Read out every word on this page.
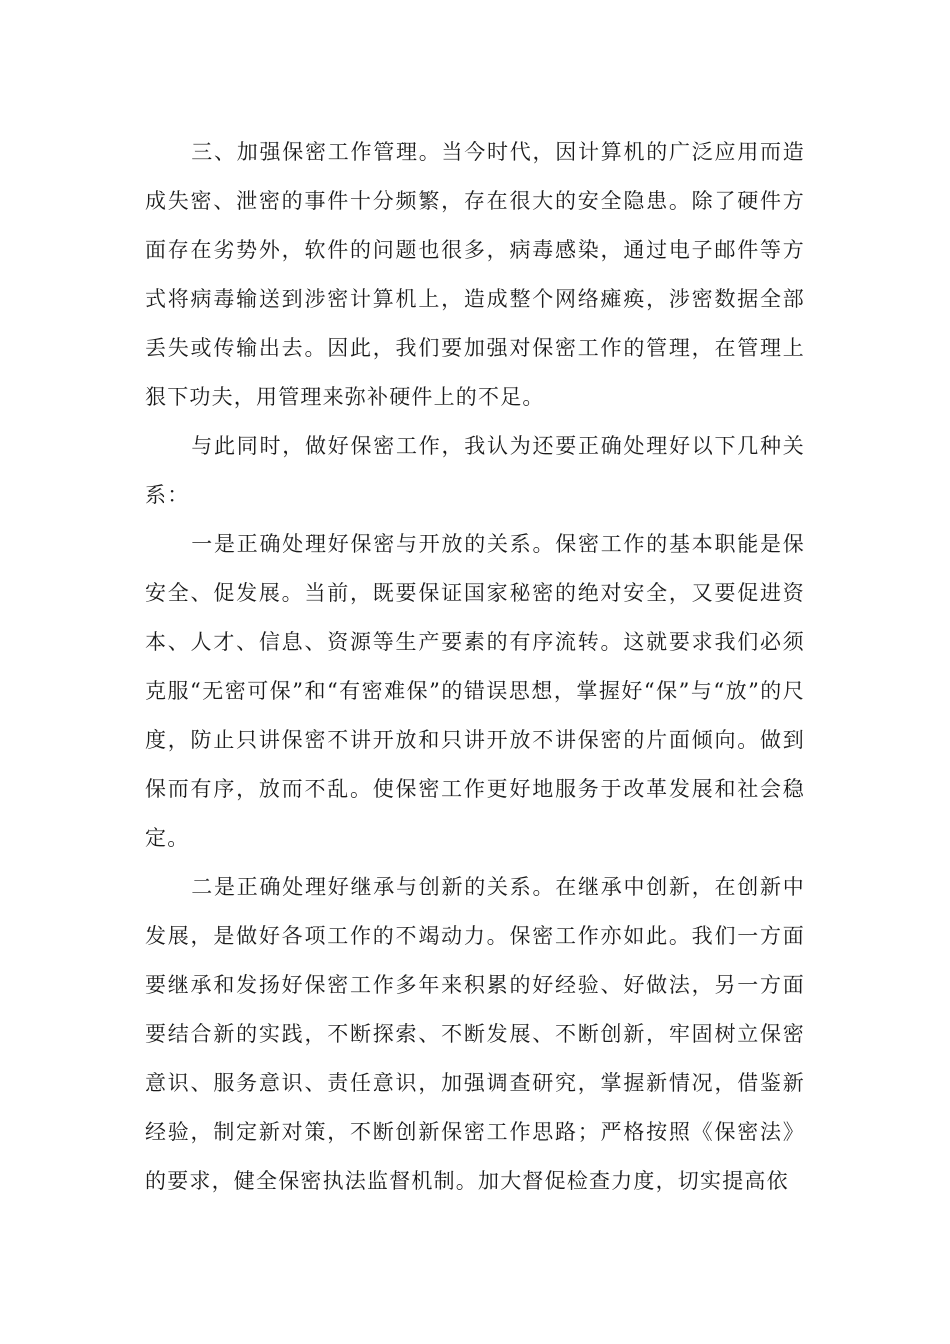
三、加强保密工作管理。当今时代，因计算机的广泛应用而造成失密、泄密的事件十分频繁，存在很大的安全隐患。除了硬件方面存在劣势外，软件的问题也很多，病毒感染，通过电子邮件等方式将病毒输送到涉密计算机上，造成整个网络瘫痪，涉密数据全部丢失或传输出去。因此，我们要加强对保密工作的管理，在管理上狠下功夫，用管理来弥补硬件上的不足。

与此同时，做好保密工作，我认为还要正确处理好以下几种关系：

一是正确处理好保密与开放的关系。保密工作的基本职能是保安全、促发展。当前，既要保证国家秘密的绝对安全，又要促进资本、人才、信息、资源等生产要素的有序流转。这就要求我们必须克服“无密可保”和“有密难保”的错误思想，掌握好“保”与“放”的尺度，防止只讲保密不讲开放和只讲开放不讲保密的片面倾向。做到保而有序，放而不乱。使保密工作更好地服务于改革发展和社会稳定。

二是正确处理好继承与创新的关系。在继承中创新，在创新中发展，是做好各项工作的不竭动力。保密工作亦如此。我们一方面要继承和发扬好保密工作多年来积累的好经验、好做法，另一方面要结合新的实践，不断探索、不断发展、不断创新，牢固树立保密意识、服务意识、责任意识，加强调查研究，掌握新情况，借鉴新经验，制定新对策，不断创新保密工作思路；严格按照《保密法》的要求，健全保密执法监督机制。加大督促检查力度，切实提高依
